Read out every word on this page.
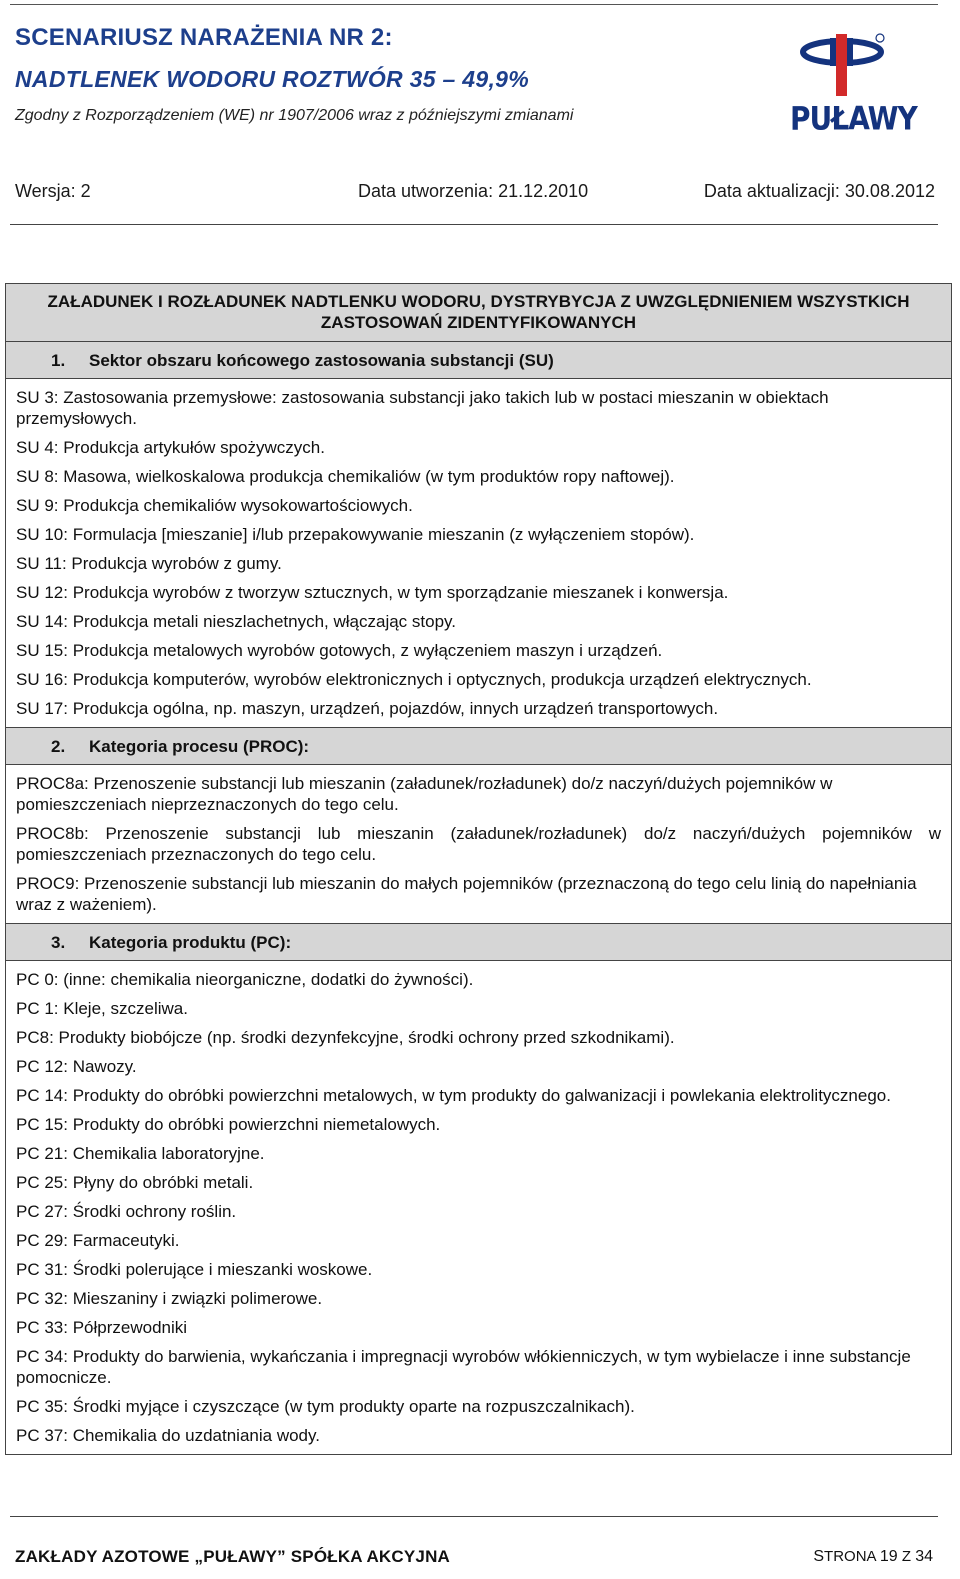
SCENARIUSZ NARAŻENIA NR 2:
NADTLENEK WODORU ROZTWÓR 35 – 49,9%
Zgodny z Rozporządzeniem (WE) nr 1907/2006 wraz z późniejszymi zmianami	PUŁAWY
Wersja: 2	Data utworzenia: 21.12.2010	Data aktualizacji: 30.08.2012
ZAŁADUNEK I ROZŁADUNEK NADTLENKU WODORU, DYSTRYBYCJA Z UWZGLĘDNIENIEM WSZYSTKICH ZASTOSOWAŃ ZIDENTYFIKOWANYCH
1. Sektor obszaru końcowego zastosowania substancji (SU)
SU 3: Zastosowania przemysłowe: zastosowania substancji jako takich lub w postaci mieszanin w obiektach przemysłowych.
SU 4: Produkcja artykułów spożywczych.
SU 8: Masowa, wielkoskalowa produkcja chemikaliów (w tym produktów ropy naftowej).
SU 9: Produkcja chemikaliów wysokowartościowych.
SU 10: Formulacja [mieszanie] i/lub przepakowywanie mieszanin (z wyłączeniem stopów).
SU 11: Produkcja wyrobów z gumy.
SU 12: Produkcja wyrobów z tworzyw sztucznych, w tym sporządzanie mieszanek i konwersja.
SU 14: Produkcja metali nieszlachetnych, włączając stopy.
SU 15: Produkcja metalowych wyrobów gotowych, z wyłączeniem maszyn i urządzeń.
SU 16: Produkcja komputerów, wyrobów elektronicznych i optycznych, produkcja urządzeń elektrycznych.
SU 17: Produkcja ogólna, np. maszyn, urządzeń, pojazdów, innych urządzeń transportowych.
2. Kategoria procesu (PROC):
PROC8a: Przenoszenie substancji lub mieszanin (załadunek/rozładunek) do/z naczyń/dużych pojemników w pomieszczeniach nieprzeznaczonych do tego celu.
PROC8b: Przenoszenie substancji lub mieszanin (załadunek/rozładunek) do/z naczyń/dużych pojemników w pomieszczeniach przeznaczonych do tego celu.
PROC9: Przenoszenie substancji lub mieszanin do małych pojemników (przeznaczoną do tego celu linią do napełniania wraz z ważeniem).
3. Kategoria produktu (PC):
PC 0: (inne: chemikalia nieorganiczne, dodatki do żywności).
PC 1: Kleje, szczeliwa.
PC8: Produkty biobójcze (np. środki dezynfekcyjne, środki ochrony przed szkodnikami).
PC 12: Nawozy.
PC 14: Produkty do obróbki powierzchni metalowych, w tym produkty do galwanizacji i powlekania elektrolitycznego.
PC 15: Produkty do obróbki powierzchni niemetalowych.
PC 21: Chemikalia laboratoryjne.
PC 25: Płyny do obróbki metali.
PC 27: Środki ochrony roślin.
PC 29: Farmaceutyki.
PC 31: Środki polerujące i mieszanki woskowe.
PC 32: Mieszaniny i związki polimerowe.
PC 33: Półprzewodniki
PC 34: Produkty do barwienia, wykańczania i impregnacji wyrobów włókienniczych, w tym wybielacze i inne substancje pomocnicze.
PC 35: Środki myjące i czyszczące (w tym produkty oparte na rozpuszczalnikach).
PC 37: Chemikalia do uzdatniania wody.
ZAKŁADY AZOTOWE „PUŁAWY” SPÓŁKA AKCYJNA	STRONA 19 Z 34
